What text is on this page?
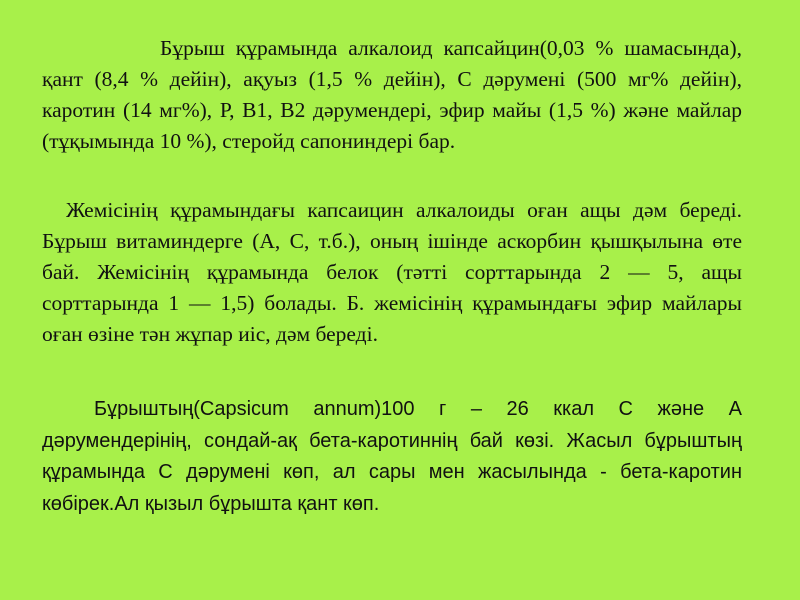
Бұрыш құрамында алкалоид капсайцин(0,03 % шамасында), қант (8,4 % дейін), ақуыз (1,5 % дейін), С дәрумені (500 мг% дейін), каротин (14 мг%), Р, В1, В2 дәрумендері, эфир майы (1,5 %) және майлар (тұқымында 10 %), стеройд сапониндері бар.

Жемісінің құрамындағы капсаицин алкалоиды оған ащы дәм береді. Бұрыш витаминдерге (А, С, т.б.), оның ішінде аскорбин қышқылына өте бай. Жемісінің құрамында белок (тәтті сорттарында 2 — 5, ащы сорттарында 1 — 1,5) болады. Б. жемісінің құрамындағы эфир майлары оған өзіне тән жұпар иіс, дәм береді.

Бұрыштың(Capsicum annum)100 г – 26 ккал С және А дәрумендерінің, сондай-ақ бета-каротиннің бай көзі. Жасыл бұрыштың құрамында С дәрумені көп, ал сары мен жасылында - бета-каротин көбірек.Ал қызыл бұрышта қант көп.
